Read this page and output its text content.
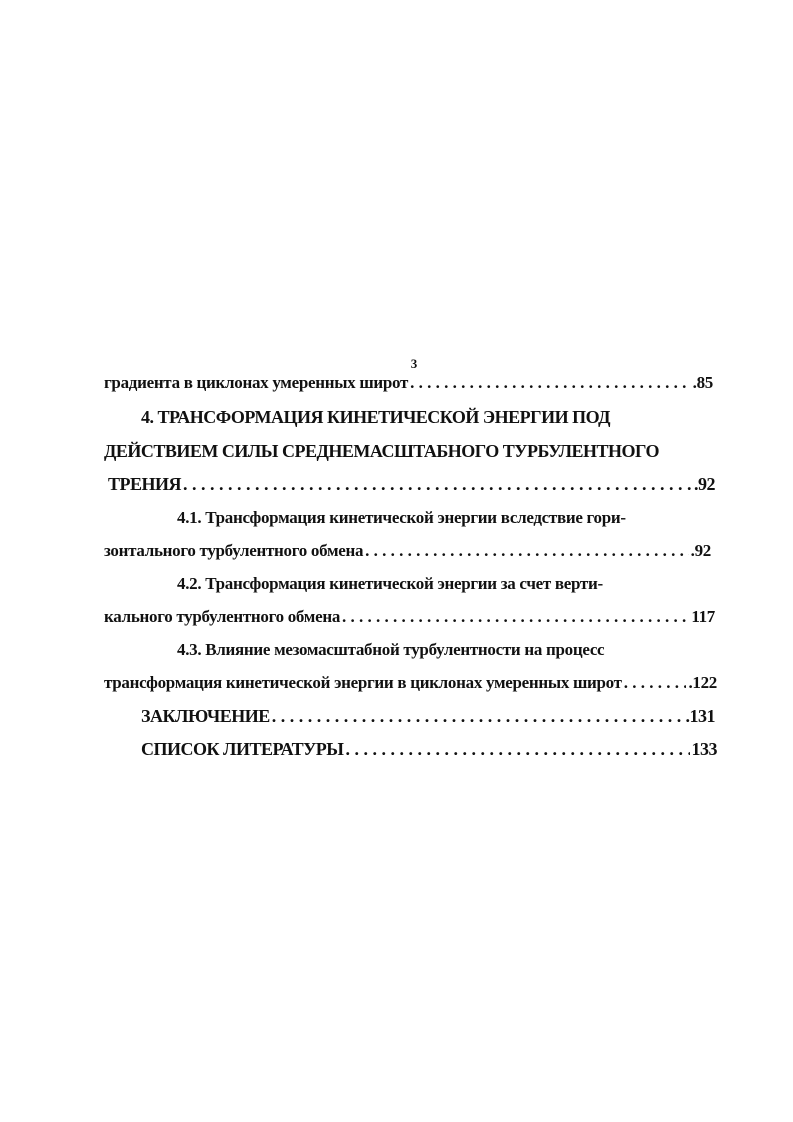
3
градиента в циклонах умеренных широт . . .	.85
4. ТРАНСФОРМАЦИЯ КИНЕТИЧЕСКОЙ ЭНЕРГИИ ПОД
ДЕЙСТВИЕМ СИЛЫ СРЕДНЕМАСШТАБНОГО ТУРБУЛЕНТНОГО
ТРЕНИЯ . . .	.92
4.1. Трансформация кинетической энергии вследствие гори-
зонтального турбулентного обмена . . .	.92
4.2. Трансформация кинетической энергии за счет верти-
кального турбулентного обмена . . .	117
4.3. Влияние мезомасштабной турбулентности на процесс
трансформация кинетической энергии в циклонах умеренных широт . . .	.122
ЗАКЛЮЧЕНИЕ . . .	.131
СПИСОК ЛИТЕРАТУРЫ . . .	133
